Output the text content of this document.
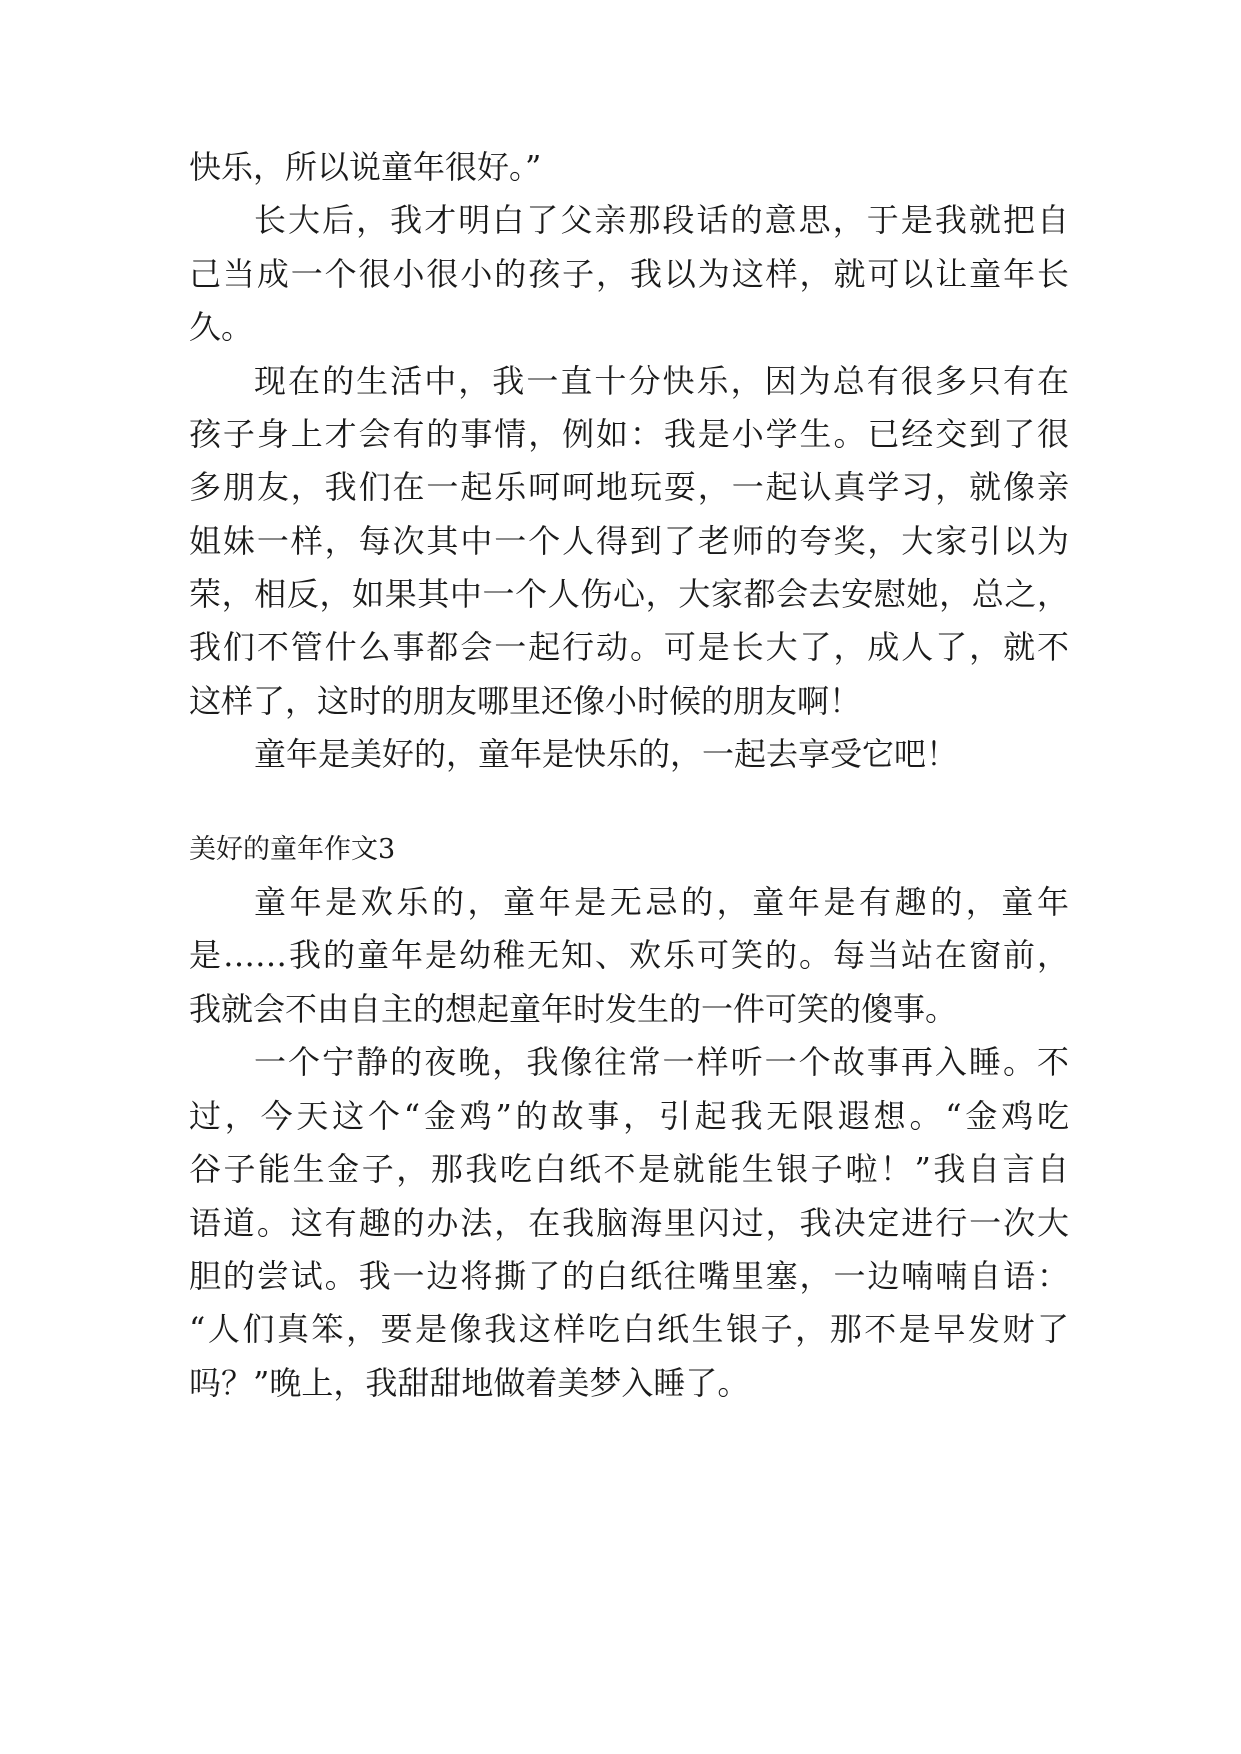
快乐，所以说童年很好。”

长大后，我才明白了父亲那段话的意思，于是我就把自

己当成一个很小很小的孩子，我以为这样，就可以让童年长

久。

现在的生活中，我一直十分快乐，因为总有很多只有在

孩子身上才会有的事情，例如：我是小学生。已经交到了很

多朋友，我们在一起乐呵呵地玩耍，一起认真学习，就像亲

姐妹一样，每次其中一个人得到了老师的夸奖，大家引以为

荣，相反，如果其中一个人伤心，大家都会去安慰她，总之，

我们不管什么事都会一起行动。可是长大了，成人了，就不

这样了，这时的朋友哪里还像小时候的朋友啊！

童年是美好的，童年是快乐的，一起去享受它吧！

美好的童年作文3

童年是欢乐的，童年是无忌的，童年是有趣的，童年

是……我的童年是幼稚无知、欢乐可笑的。每当站在窗前，

我就会不由自主的想起童年时发生的一件可笑的傻事。

一个宁静的夜晚，我像往常一样听一个故事再入睡。不

过，今天这个“金鸡”的故事，引起我无限遐想。“金鸡吃

谷子能生金子，那我吃白纸不是就能生银子啦！”我自言自

语道。这有趣的办法，在我脑海里闪过，我决定进行一次大

胆的尝试。我一边将撕了的白纸往嘴里塞，一边喃喃自语：

“人们真笨，要是像我这样吃白纸生银子，那不是早发财了

吗？”晚上，我甜甜地做着美梦入睡了。
